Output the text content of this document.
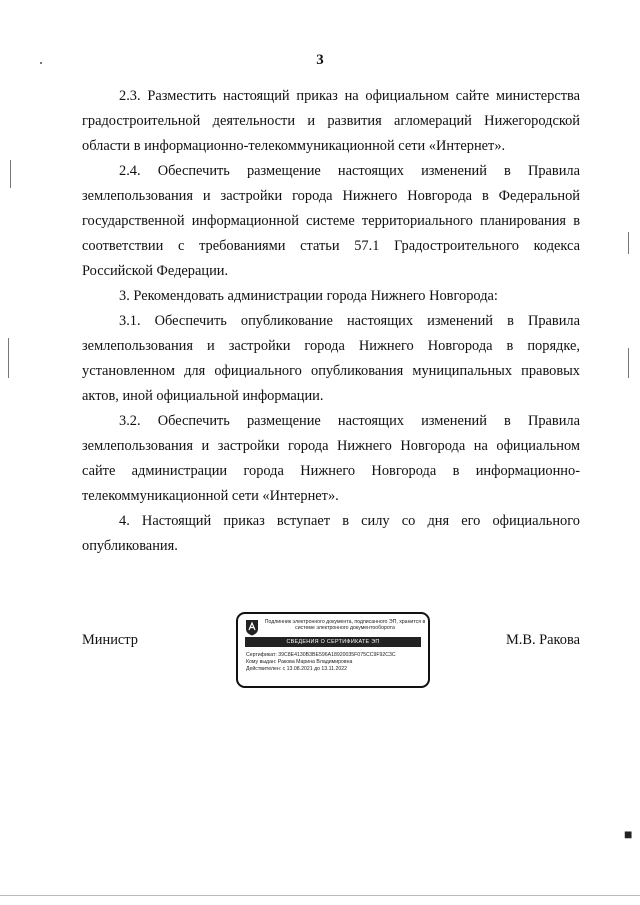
3

2.3. Разместить настоящий приказ на официальном сайте министерства градостроительной деятельности и развития агломераций Нижегородской области в информационно-телекоммуникационной сети «Интернет».

2.4. Обеспечить размещение настоящих изменений в Правила землепользования и застройки города Нижнего Новгорода в Федеральной государственной информационной системе территориального планирования в соответствии с требованиями статьи 57.1 Градостроительного кодекса Российской Федерации.

3. Рекомендовать администрации города Нижнего Новгорода:

3.1. Обеспечить опубликование настоящих изменений в Правила землепользования и застройки города Нижнего Новгорода в порядке, установленном для официального опубликования муниципальных правовых актов, иной официальной информации.

3.2. Обеспечить размещение настоящих изменений в Правила землепользования и застройки города Нижнего Новгорода на официальном сайте администрации города Нижнего Новгорода в информационно-телекоммуникационной сети «Интернет».

4. Настоящий приказ вступает в силу со дня его официального опубликования.

Министр
Подлинник электронного документа, подписанного ЭП, хранится в системе электронного документооборота
СВЕДЕНИЯ О СЕРТИФИКАТЕ ЭП
Сертификат: 39C8E4130B3BE596A18920035F075CC9F92C3C
Кому выдан: Ракова Марина Владимировна
Действителен: с 13.08.2021 до 13.11.2022
М.В. Ракова
■
